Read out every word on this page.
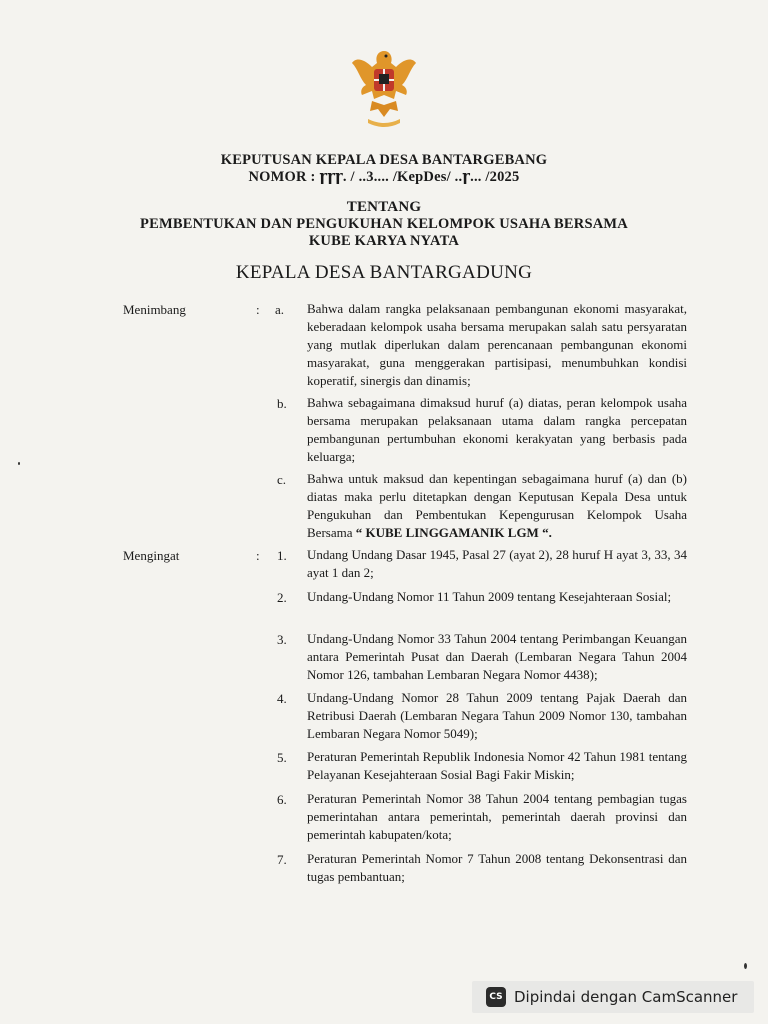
KEPUTUSAN KEPALA DESA BANTARGEBANG
NOMOR : ꞅꞅꞅ. / ..3.... /KepDes/ ..ꞅ... /2025
TENTANG
PEMBENTUKAN DAN PENGUKUHAN KELOMPOK USAHA BERSAMA
KUBE KARYA NYATA
KEPALA DESA BANTARGADUNG
Menimbang	: a. Bahwa dalam rangka pelaksanaan pembangunan ekonomi masyarakat, keberadaan kelompok usaha bersama merupakan salah satu persyaratan yang mutlak diperlukan dalam perencanaan pembangunan ekonomi masyarakat, guna menggerakan partisipasi, menumbuhkan kondisi koperatif, sinergis dan dinamis;
b. Bahwa sebagaimana dimaksud huruf (a) diatas, peran kelompok usaha bersama merupakan pelaksanaan utama dalam rangka percepatan pembangunan pertumbuhan ekonomi kerakyatan yang berbasis pada keluarga;
c. Bahwa untuk maksud dan kepentingan sebagaimana huruf (a) dan (b) diatas maka perlu ditetapkan dengan Keputusan Kepala Desa untuk Pengukuhan dan Pembentukan Kepengurusan Kelompok Usaha Bersama “ KUBE LINGGAMANIK LGM “.
Mengingat	: 1. Undang Undang Dasar 1945, Pasal 27 (ayat 2), 28 huruf H ayat 3, 33, 34 ayat 1 dan 2;
2. Undang-Undang Nomor 11 Tahun 2009 tentang Kesejahteraan Sosial;
3. Undang-Undang Nomor 33 Tahun 2004 tentang Perimbangan Keuangan antara Pemerintah Pusat dan Daerah (Lembaran Negara Tahun 2004 Nomor 126, tambahan Lembaran Negara Nomor 4438);
4. Undang-Undang Nomor 28 Tahun 2009 tentang Pajak Daerah dan Retribusi Daerah (Lembaran Negara Tahun 2009 Nomor 130, tambahan Lembaran Negara Nomor 5049);
5. Peraturan Pemerintah Republik Indonesia Nomor 42 Tahun 1981 tentang Pelayanan Kesejahteraan Sosial Bagi Fakir Miskin;
6. Peraturan Pemerintah Nomor 38 Tahun 2004 tentang pembagian tugas pemerintahan antara pemerintah, pemerintah daerah provinsi dan pemerintah kabupaten/kota;
7. Peraturan Pemerintah Nomor 7 Tahun 2008 tentang Dekonsentrasi dan tugas pembantuan;
CS Dipindai dengan CamScanner
